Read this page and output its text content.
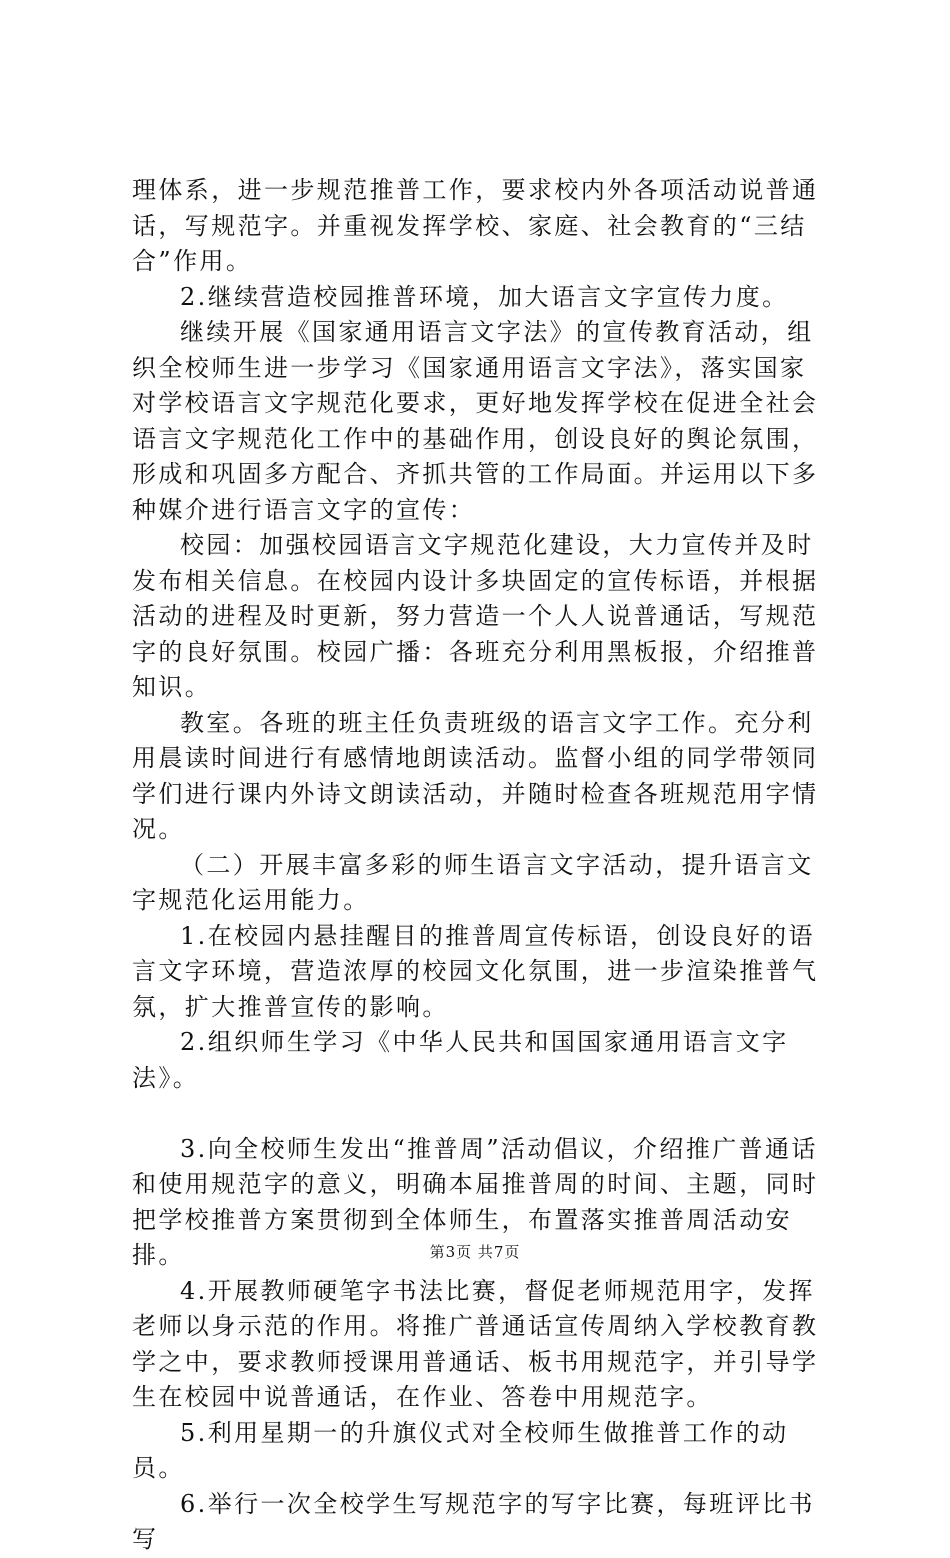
理体系，进一步规范推普工作，要求校内外各项活动说普通话，写规范字。并重视发挥学校、家庭、社会教育的“三结合”作用。

2.继续营造校园推普环境，加大语言文字宣传力度。

继续开展《国家通用语言文字法》的宣传教育活动，组织全校师生进一步学习《国家通用语言文字法》，落实国家对学校语言文字规范化要求，更好地发挥学校在促进全社会语言文字规范化工作中的基础作用，创设良好的舆论氛围，形成和巩固多方配合、齐抓共管的工作局面。并运用以下多种媒介进行语言文字的宣传：

校园：加强校园语言文字规范化建设，大力宣传并及时发布相关信息。在校园内设计多块固定的宣传标语，并根据活动的进程及时更新，努力营造一个人人说普通话，写规范字的良好氛围。校园广播：各班充分利用黑板报，介绍推普知识。

教室。各班的班主任负责班级的语言文字工作。充分利用晨读时间进行有感情地朗读活动。监督小组的同学带领同学们进行课内外诗文朗读活动，并随时检查各班规范用字情况。

（二）开展丰富多彩的师生语言文字活动，提升语言文字规范化运用能力。

1.在校园内悬挂醒目的推普周宣传标语，创设良好的语言文字环境，营造浓厚的校园文化氛围，进一步渲染推普气氛，扩大推普宣传的影响。

2.组织师生学习《中华人民共和国国家通用语言文字法》。

3.向全校师生发出“推普周”活动倡议，介绍推广普通话和使用规范字的意义，明确本届推普周的时间、主题，同时把学校推普方案贯彻到全体师生，布置落实推普周活动安排。

4.开展教师硬笔字书法比赛，督促老师规范用字，发挥老师以身示范的作用。将推广普通话宣传周纳入学校教育教学之中，要求教师授课用普通话、板书用规范字，并引导学生在校园中说普通话，在作业、答卷中用规范字。

5.利用星期一的升旗仪式对全校师生做推普工作的动员。

6.举行一次全校学生写规范字的写字比赛，每班评比书写

第3页 共7页
